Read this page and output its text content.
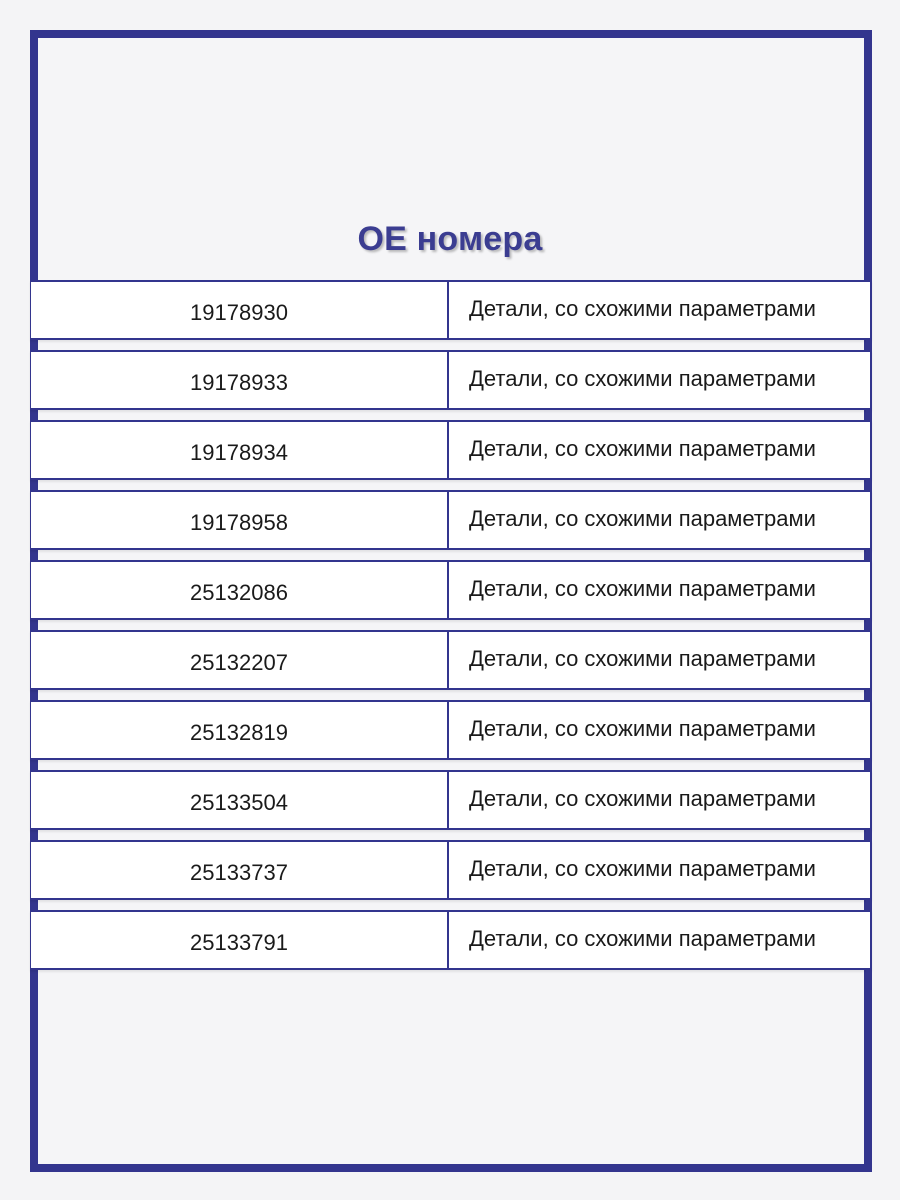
OE номера
19178930	Детали, со схожими параметрами
19178933	Детали, со схожими параметрами
19178934	Детали, со схожими параметрами
19178958	Детали, со схожими параметрами
25132086	Детали, со схожими параметрами
25132207	Детали, со схожими параметрами
25132819	Детали, со схожими параметрами
25133504	Детали, со схожими параметрами
25133737	Детали, со схожими параметрами
25133791	Детали, со схожими параметрами
